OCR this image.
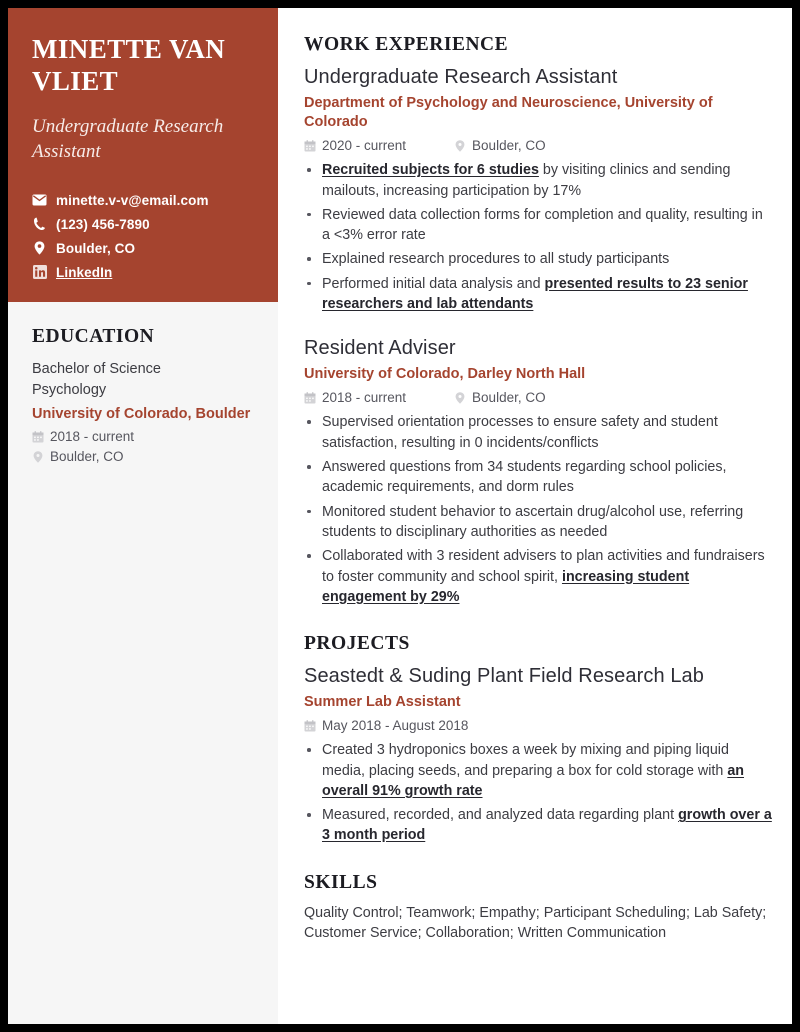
MINETTE VAN VLIET
Undergraduate Research Assistant
minette.v-v@email.com
(123) 456-7890
Boulder, CO
LinkedIn
EDUCATION
Bachelor of Science
Psychology
University of Colorado, Boulder
2018 - current
Boulder, CO
WORK EXPERIENCE
Undergraduate Research Assistant
Department of Psychology and Neuroscience, University of Colorado
2020 - current	Boulder, CO
Recruited subjects for 6 studies by visiting clinics and sending mailouts, increasing participation by 17%
Reviewed data collection forms for completion and quality, resulting in a <3% error rate
Explained research procedures to all study participants
Performed initial data analysis and presented results to 23 senior researchers and lab attendants
Resident Adviser
University of Colorado, Darley North Hall
2018 - current	Boulder, CO
Supervised orientation processes to ensure safety and student satisfaction, resulting in 0 incidents/conflicts
Answered questions from 34 students regarding school policies, academic requirements, and dorm rules
Monitored student behavior to ascertain drug/alcohol use, referring students to disciplinary authorities as needed
Collaborated with 3 resident advisers to plan activities and fundraisers to foster community and school spirit, increasing student engagement by 29%
PROJECTS
Seastedt & Suding Plant Field Research Lab
Summer Lab Assistant
May 2018 - August 2018
Created 3 hydroponics boxes a week by mixing and piping liquid media, placing seeds, and preparing a box for cold storage with an overall 91% growth rate
Measured, recorded, and analyzed data regarding plant growth over a 3 month period
SKILLS
Quality Control; Teamwork; Empathy; Participant Scheduling; Lab Safety; Customer Service; Collaboration; Written Communication
